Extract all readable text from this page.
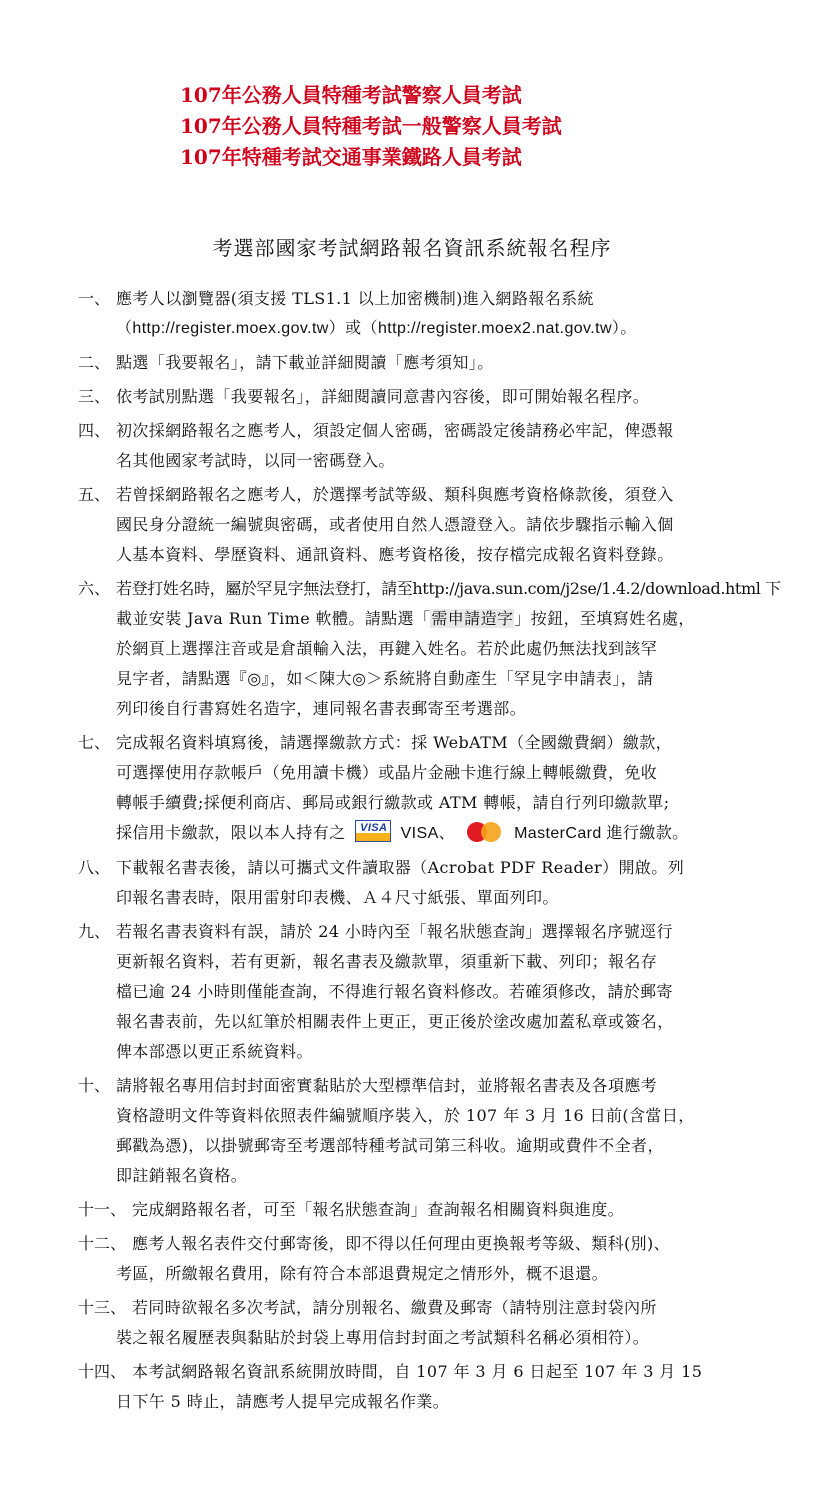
107年公務人員特種考試警察人員考試
107年公務人員特種考試一般警察人員考試
107年特種考試交通事業鐵路人員考試
考選部國家考試網路報名資訊系統報名程序
一、 應考人以瀏覽器(須支援 TLS1.1 以上加密機制)進入網路報名系統
（http://register.moex.gov.tw）或（http://register.moex2.nat.gov.tw）。
二、 點選「我要報名」，請下載並詳細閱讀「應考須知」。
三、 依考試別點選「我要報名」，詳細閱讀同意書內容後，即可開始報名程序。
四、 初次採網路報名之應考人，須設定個人密碼，密碼設定後請務必牢記，俾憑報
名其他國家考試時，以同一密碼登入。
五、 若曾採網路報名之應考人，於選擇考試等級、類科與應考資格條款後，須登入
國民身分證統一編號與密碼，或者使用自然人憑證登入。請依步驟指示輸入個
人基本資料、學歷資料、通訊資料、應考資格後，按存檔完成報名資料登錄。
六、 若登打姓名時，屬於罕見字無法登打，請至http://java.sun.com/j2se/1.4.2/download.html 下
載並安裝 Java Run Time 軟體。請點選「需申請造字」按鈕，至填寫姓名處，
於網頁上選擇注音或是倉頡輸入法，再鍵入姓名。若於此處仍無法找到該罕
見字者，請點選『◎』，如＜陳大◎＞系統將自動產生「罕見字申請表」，請
列印後自行書寫姓名造字，連同報名書表郵寄至考選部。
七、 完成報名資料填寫後，請選擇繳款方式：採 WebATM（全國繳費網）繳款，
可選擇使用存款帳戶（免用讀卡機）或晶片金融卡進行線上轉帳繳費，免收
轉帳手續費;採便利商店、郵局或銀行繳款或 ATM 轉帳，請自行列印繳款單;
採信用卡繳款，限以本人持有之 VISA VISA、	MasterCard 進行繳款。
八、 下載報名書表後，請以可攜式文件讀取器（Acrobat PDF Reader）開啟。列
印報名書表時，限用雷射印表機、Ａ４尺寸紙張、單面列印。
九、 若報名書表資料有誤，請於 24 小時內至「報名狀態查詢」選擇報名序號逕行
更新報名資料，若有更新，報名書表及繳款單，須重新下載、列印；報名存
檔已逾 24 小時則僅能查詢，不得進行報名資料修改。若確須修改，請於郵寄
報名書表前，先以紅筆於相關表件上更正，更正後於塗改處加蓋私章或簽名，
俾本部憑以更正系統資料。
十、 請將報名專用信封封面密實黏貼於大型標準信封，並將報名書表及各項應考
資格證明文件等資料依照表件編號順序裝入，於 107 年 3 月 16 日前(含當日，
郵戳為憑)，以掛號郵寄至考選部特種考試司第三科收。逾期或費件不全者，
即註銷報名資格。
十一、 完成網路報名者，可至「報名狀態查詢」查詢報名相關資料與進度。
十二、 應考人報名表件交付郵寄後，即不得以任何理由更換報考等級、類科(別)、
考區，所繳報名費用，除有符合本部退費規定之情形外，概不退還。
十三、 若同時欲報名多次考試，請分別報名、繳費及郵寄（請特別注意封袋內所
裝之報名履歷表與黏貼於封袋上專用信封封面之考試類科名稱必須相符）。
十四、 本考試網路報名資訊系統開放時間，自 107 年 3 月 6 日起至 107 年 3 月 15
日下午 5 時止，請應考人提早完成報名作業。
